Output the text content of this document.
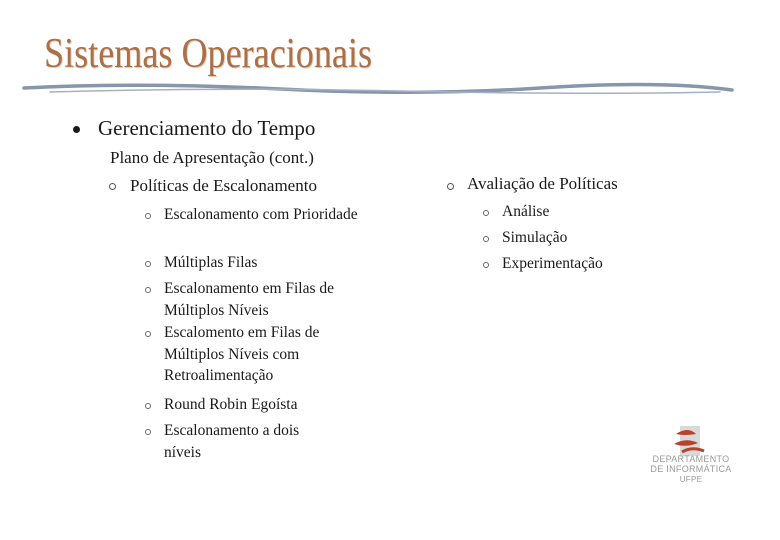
Sistemas Operacionais
Gerenciamento do Tempo
Plano de Apresentação (cont.)
Políticas de Escalonamento
Escalonamento com Prioridade
Múltiplas Filas
Escalonamento em Filas de Múltiplos Níveis
Escalomento em Filas de Múltiplos Níveis com Retroalimentação
Round Robin Egoísta
Escalonamento a dois níveis
Avaliação de Políticas
Análise
Simulação
Experimentação
DEPARTAMENTO
DE INFORMÁTICA
UFPE
